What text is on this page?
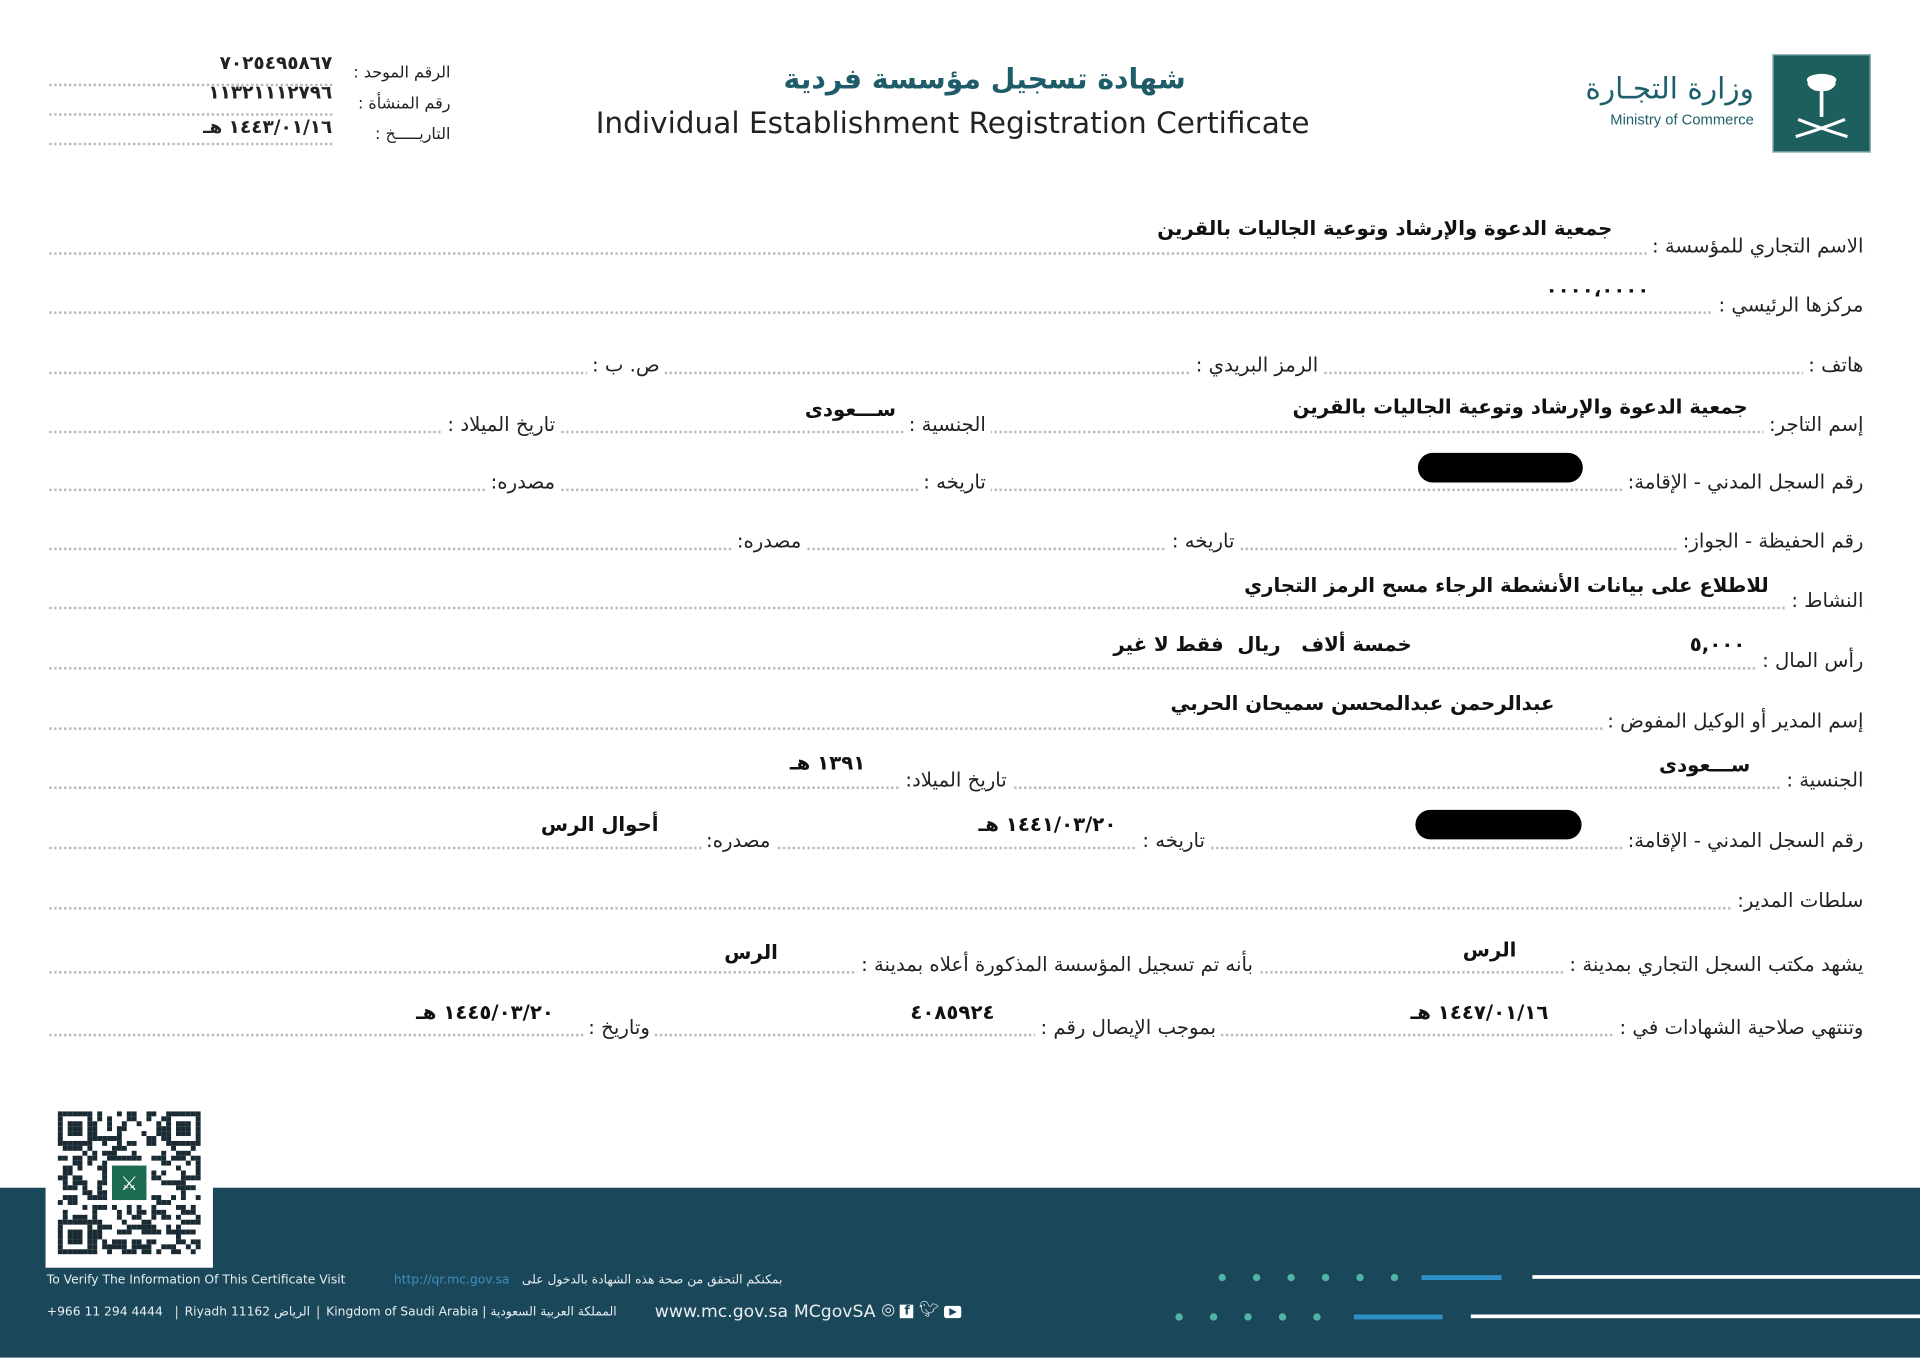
الرقم الموحد :
٧٠٢٥٤٩٥٨٦٧
رقم المنشأة :
١١٣٢١١١٢٧٩٦
التاريـــــخ :
١٤٤٣/٠١/١٦ هـ
شهادة تسجيل مؤسسة فردية
Individual Establishment Registration Certificate
وزارة التجـارة
Ministry of Commerce
الاسم التجاري للمؤسسة :
جمعية الدعوة والإرشاد وتوعية الجاليات بالقرين
مركزها الرئيسي :
٠٠٠٠،٠٠٠٠
هاتف :
الرمز البريدي :
ص. ب :
إسم التاجر:
جمعية الدعوة والإرشاد وتوعية الجاليات بالقرين
الجنسية :
ســـعودى
تاريخ الميلاد :
رقم السجل المدني - الإقامة:
تاريخه :
مصدره:
رقم الحفيظة - الجواز:
تاريخه :
مصدره:
النشاط :
للاطلاع على بيانات الأنشطة الرجاء مسح الرمز التجاري
رأس المال :
٥,٠٠٠
خمسة ألاف   ريال  فقط لا غير
إسم المدير أو الوكيل المفوض :
عبدالرحمن عبدالمحسن سميحان الحربي
الجنسية :
ســـعودى
تاريخ الميلاد:
١٣٩١ هـ
رقم السجل المدني - الإقامة:
تاريخه :
١٤٤١/٠٣/٢٠ هـ
مصدره:
أحوال الرس
سلطات المدير:
يشهد مكتب السجل التجاري بمدينة :
الرس
بأنه تم تسجيل المؤسسة المذكورة أعلاه بمدينة :
الرس
وتنتهي صلاحية الشهادات في :
١٤٤٧/٠١/١٦ هـ
بموجب الإيصال رقم :
٤٠٨٥٩٢٤
وتاريخ :
١٤٤٥/٠٣/٢٠ هـ
To Verify The Information Of This Certificate Visit	http://qr.mc.gov.sa بمكنكم التحقق من صحة هذه الشهادة بالدخول على
+966 11 294 4444	Riyadh 11162 الرياض	Kingdom of Saudi Arabia | المملكة العربية السعودية	www.mc.gov.sa MCgovSA ◎ f 🐦︎ ▶
⚔
